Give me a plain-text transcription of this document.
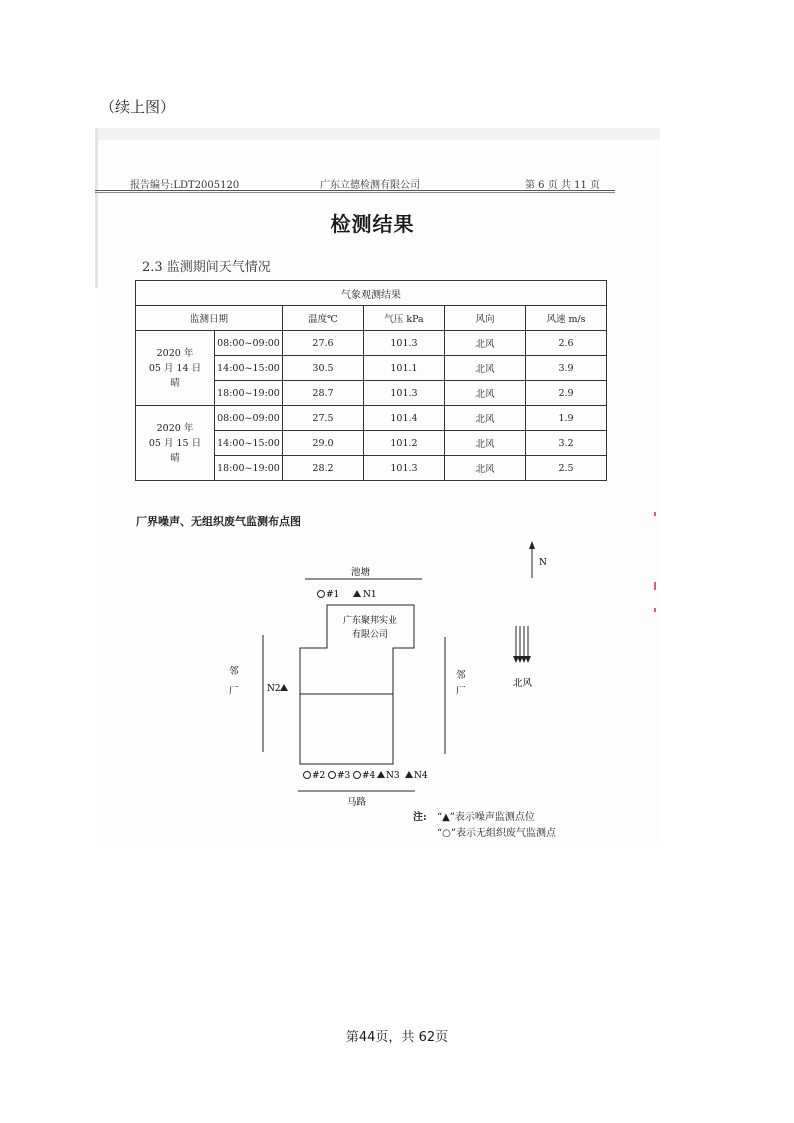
（续上图）
报告编号:LDT2005120	广东立德检测有限公司	第 6 页 共 11 页
检测结果
2.3 监测期间天气情况
气象观测结果					
监测日期		温度℃	气压 kPa	风向	风速 m/s

2020 年
05 月 14 日
晴	08:00~09:00	27.6	101.3	北风	2.6
	14:00~15:00	30.5	101.1	北风	3.9
	18:00~19:00	28.7	101.3	北风	2.9

2020 年
05 月 15 日
晴	08:00~09:00	27.5	101.4	北风	1.9
	14:00~15:00	29.0	101.2	北风	3.2
	18:00~19:00	28.2	101.3	北风	2.5
厂界噪声、无组织废气监测布点图
N
北风
池塘
#1	N1
广东聚邦实业
有限公司
邻
厂	N2
邻
厂
#2 #3 #4 N3 N4
马路
注: “▲”表示噪声监测点位
“○”表示无组织废气监测点
第44页，共 62页
